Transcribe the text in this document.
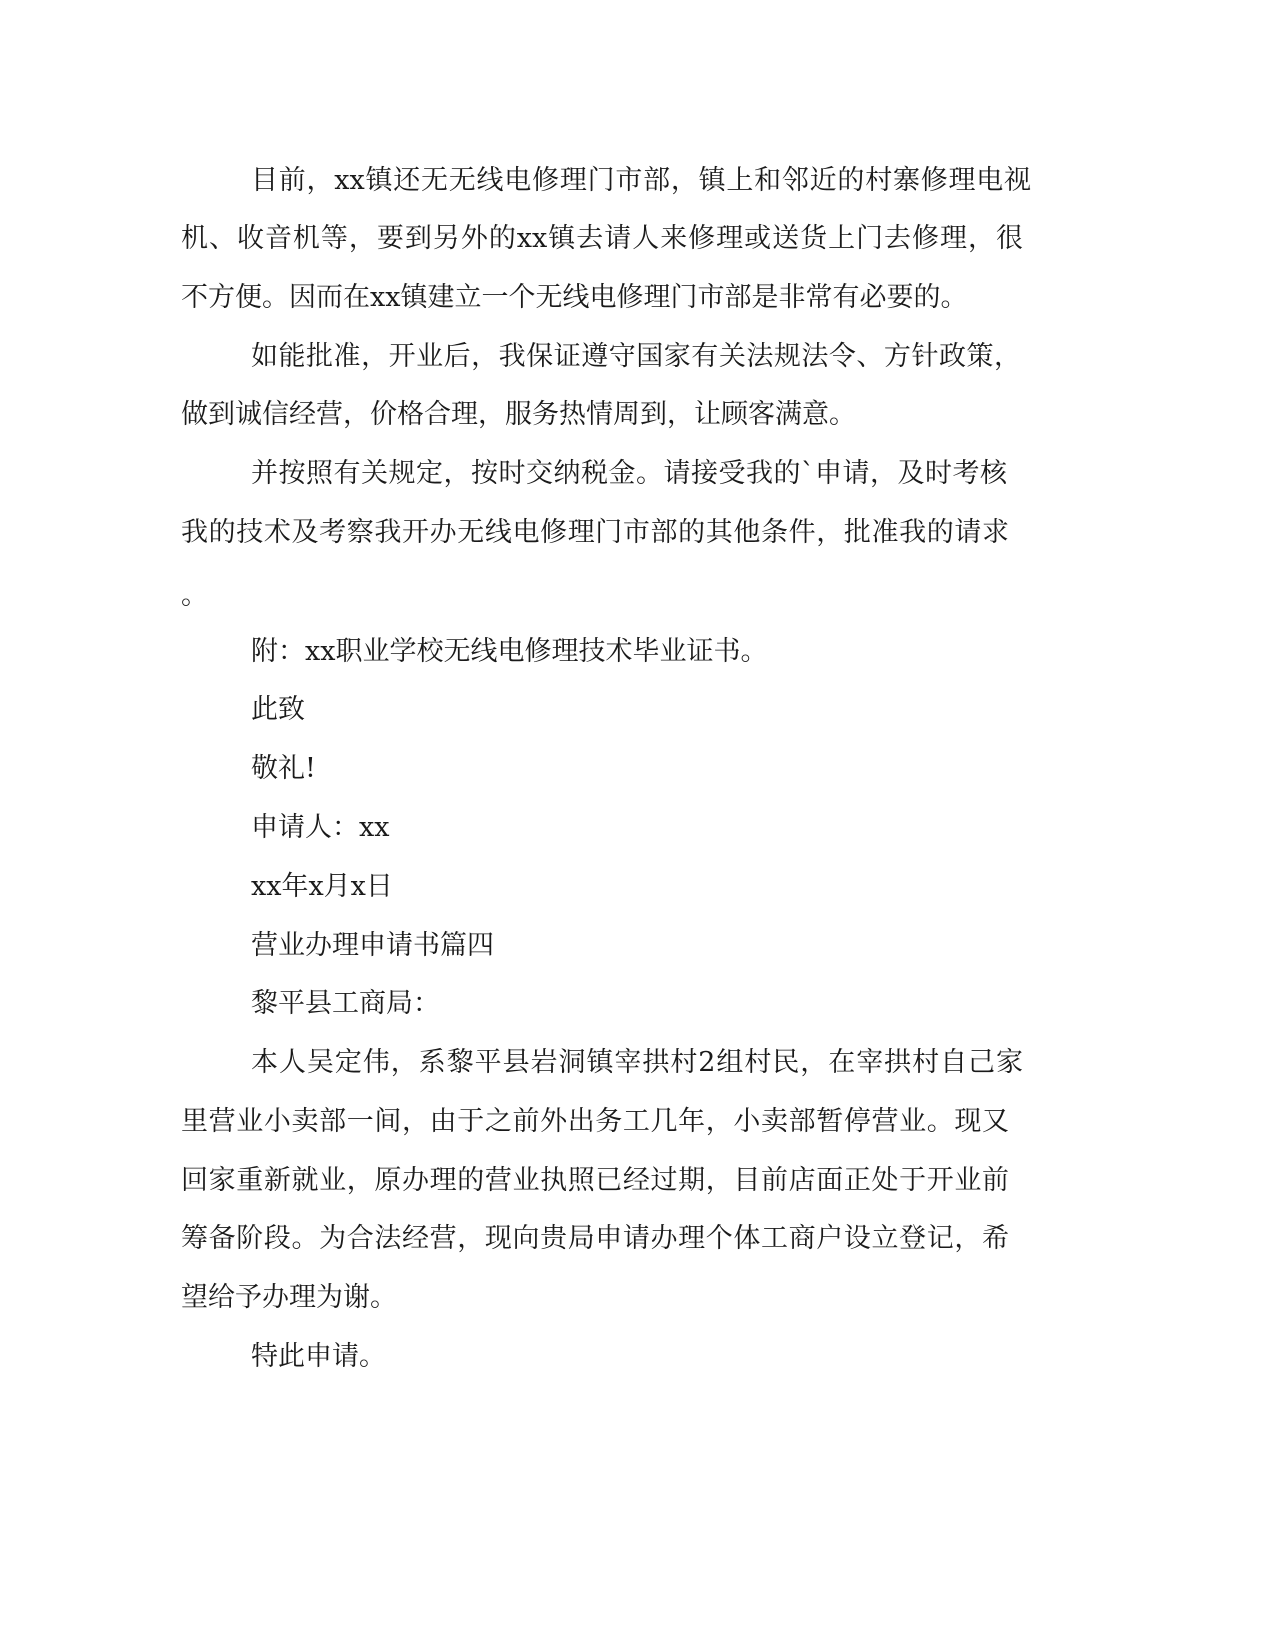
目前，xx镇还无无线电修理门市部，镇上和邻近的村寨修理电视
机、收音机等，要到另外的xx镇去请人来修理或送货上门去修理，很
不方便。因而在xx镇建立一个无线电修理门市部是非常有必要的。
如能批准，开业后，我保证遵守国家有关法规法令、方针政策，
做到诚信经营，价格合理，服务热情周到，让顾客满意。
并按照有关规定，按时交纳税金。请接受我的`申请，及时考核
我的技术及考察我开办无线电修理门市部的其他条件，批准我的请求
。
附：xx职业学校无线电修理技术毕业证书。
此致
敬礼!
申请人：xx
xx年x月x日
营业办理申请书篇四
黎平县工商局：
本人吴定伟，系黎平县岩洞镇宰拱村2组村民，在宰拱村自己家
里营业小卖部一间，由于之前外出务工几年，小卖部暂停营业。现又
回家重新就业，原办理的营业执照已经过期，目前店面正处于开业前
筹备阶段。为合法经营，现向贵局申请办理个体工商户设立登记，希
望给予办理为谢。
特此申请。
